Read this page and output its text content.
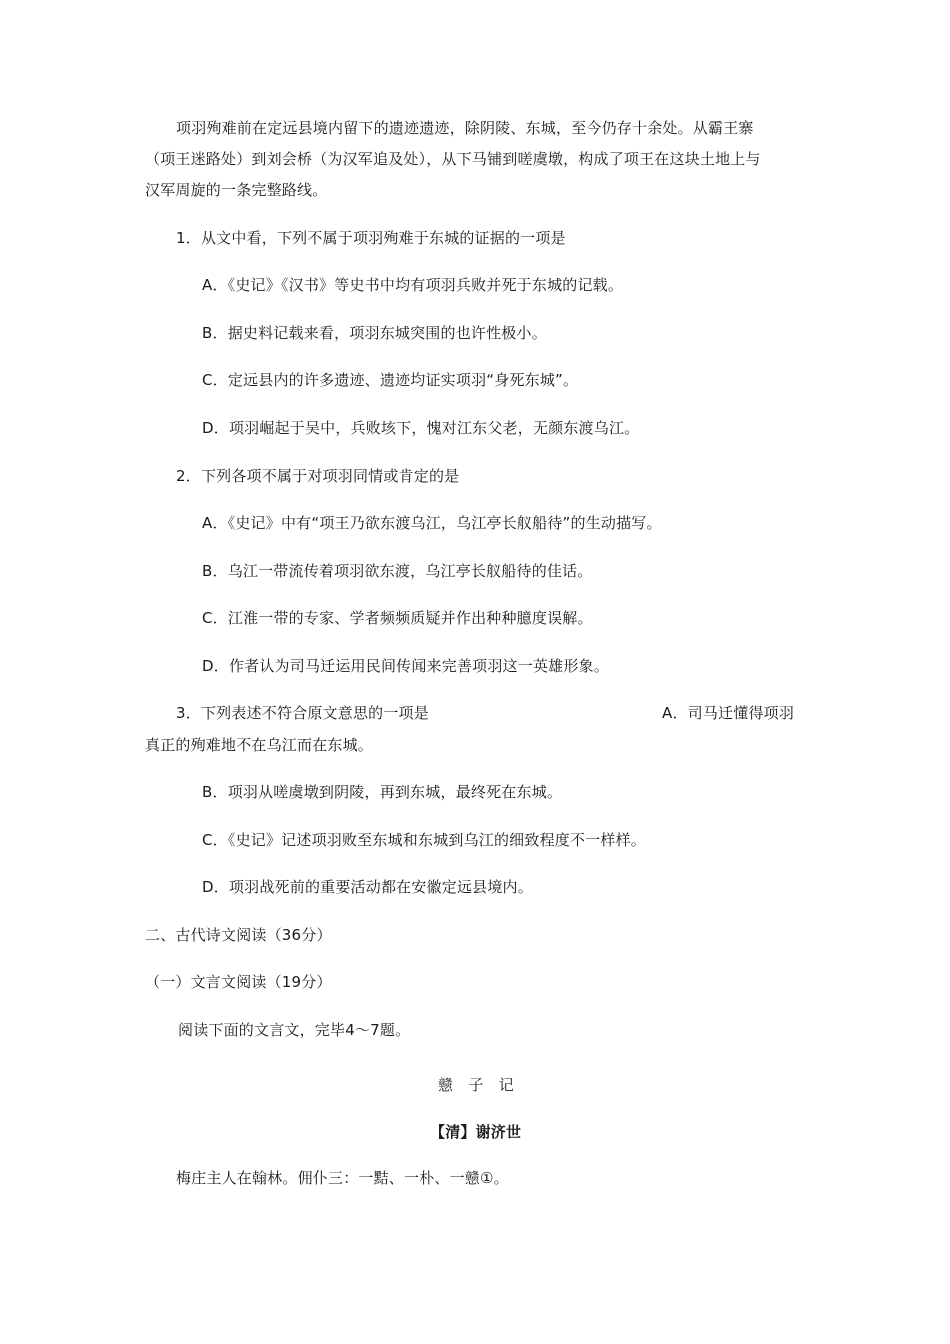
项羽殉难前在定远县境内留下的遗迹遗迹，除阴陵、东城，至今仍存十余处。从霸王寨
（项王迷路处）到刘会桥（为汉军追及处），从下马铺到嗟虞墩，构成了项王在这块土地上与
汉军周旋的一条完整路线。
1．从文中看，下列不属于项羽殉难于东城的证据的一项是
A．《史记》《汉书》等史书中均有项羽兵败并死于东城的记载。
B．据史料记载来看，项羽东城突围的也许性极小。
C．定远县内的许多遗迹、遗迹均证实项羽“身死东城”。
D．项羽崛起于吴中，兵败垓下，愧对江东父老，无颜东渡乌江。
2．下列各项不属于对项羽同情或肯定的是
A．《史记》中有“项王乃欲东渡乌江，乌江亭长舣船待”的生动描写。
B．乌江一带流传着项羽欲东渡，乌江亭长舣船待的佳话。
C．江淮一带的专家、学者频频质疑并作出种种臆度误解。
D．作者认为司马迁运用民间传闻来完善项羽这一英雄形象。
3．下列表述不符合原文意思的一项是	A．司马迁懂得项羽
真正的殉难地不在乌江而在东城。
B．项羽从嗟虞墩到阴陵，再到东城，最终死在东城。
C．《史记》记述项羽败至东城和东城到乌江的细致程度不一样样。
D．项羽战死前的重要活动都在安徽定远县境内。
二、古代诗文阅读（36分）
（一）文言文阅读（19分）
阅读下面的文言文，完毕4～7题。
戆　子　记
【清】谢济世
梅庄主人在翰林。佣仆三：一黠、一朴、一戆①。
